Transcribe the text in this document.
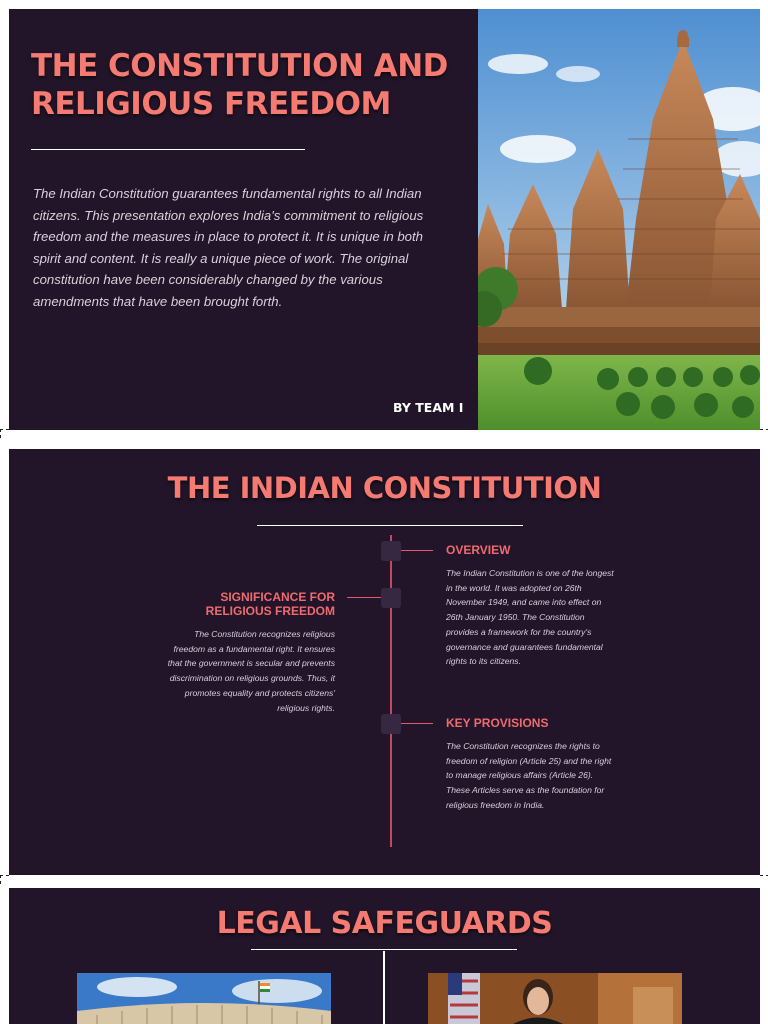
THE CONSTITUTION AND RELIGIOUS FREEDOM

The Indian Constitution guarantees fundamental rights to all Indian citizens. This presentation explores India's commitment to religious freedom and the measures in place to protect it. It is unique in both spirit and content. It is really a unique piece of work. The original constitution have been considerably changed by the various amendments that have been brought forth.

BY TEAM I
THE INDIAN CONSTITUTION
OVERVIEW

The Indian Constitution is one of the longest in the world. It was adopted on 26th November 1949, and came into effect on 26th January 1950. The Constitution provides a framework for the country's governance and guarantees fundamental rights to its citizens.

SIGNIFICANCE FOR RELIGIOUS FREEDOM

The Constitution recognizes religious freedom as a fundamental right. It ensures that the government is secular and prevents discrimination on religious grounds. Thus, it promotes equality and protects citizens' religious rights.

KEY PROVISIONS

The Constitution recognizes the rights to freedom of religion (Article 25) and the right to manage religious affairs (Article 26). These Articles serve as the foundation for religious freedom in India.

LEGAL SAFEGUARDS
